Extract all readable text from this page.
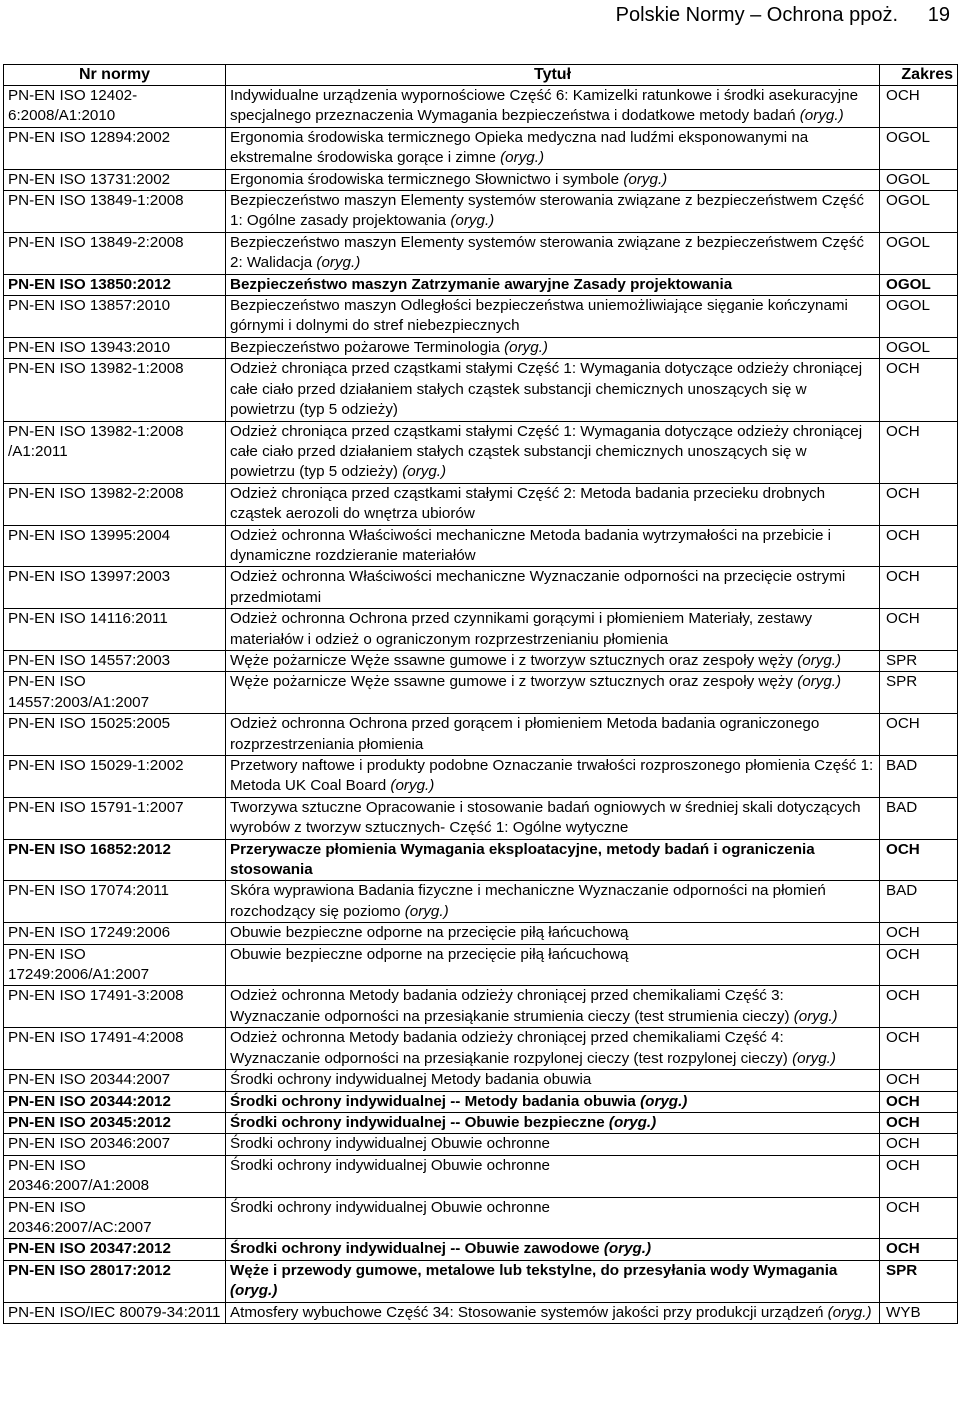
Polskie Normy – Ochrona ppoż. 19
Nr normy	Tytuł	Zakres
PN-EN ISO 12402-6:2008/A1:2010	Indywidualne urządzenia wypornościowe Część 6: Kamizelki ratunkowe i środki asekuracyjne specjalnego przeznaczenia Wymagania bezpieczeństwa i dodatkowe metody badań (oryg.)	OCH
PN-EN ISO 12894:2002	Ergonomia środowiska termicznego Opieka medyczna nad ludźmi eksponowanymi na ekstremalne środowiska gorące i zimne (oryg.)	OGOL
PN-EN ISO 13731:2002	Ergonomia środowiska termicznego Słownictwo i symbole (oryg.)	OGOL
PN-EN ISO 13849-1:2008	Bezpieczeństwo maszyn Elementy systemów sterowania związane z bezpieczeństwem Część 1: Ogólne zasady projektowania (oryg.)	OGOL
PN-EN ISO 13849-2:2008	Bezpieczeństwo maszyn Elementy systemów sterowania związane z bezpieczeństwem Część 2: Walidacja (oryg.)	OGOL
PN-EN ISO 13850:2012	Bezpieczeństwo maszyn Zatrzymanie awaryjne Zasady projektowania	OGOL
PN-EN ISO 13857:2010	Bezpieczeństwo maszyn Odległości bezpieczeństwa uniemożliwiające sięganie kończynami górnymi i dolnymi do stref niebezpiecznych	OGOL
PN-EN ISO 13943:2010	Bezpieczeństwo pożarowe Terminologia (oryg.)	OGOL
PN-EN ISO 13982-1:2008	Odzież chroniąca przed cząstkami stałymi Część 1: Wymagania dotyczące odzieży chroniącej całe ciało przed działaniem stałych cząstek substancji chemicznych unoszących się w powietrzu (typ 5 odzieży)	OCH
PN-EN ISO 13982-1:2008 /A1:2011	Odzież chroniąca przed cząstkami stałymi Część 1: Wymagania dotyczące odzieży chroniącej całe ciało przed działaniem stałych cząstek substancji chemicznych unoszących się w powietrzu (typ 5 odzieży) (oryg.)	OCH
PN-EN ISO 13982-2:2008	Odzież chroniąca przed cząstkami stałymi Część 2: Metoda badania przecieku drobnych cząstek aerozoli do wnętrza ubiorów	OCH
PN-EN ISO 13995:2004	Odzież ochronna Właściwości mechaniczne Metoda badania wytrzymałości na przebicie i dynamiczne rozdzieranie materiałów	OCH
PN-EN ISO 13997:2003	Odzież ochronna Właściwości mechaniczne Wyznaczanie odporności na przecięcie ostrymi przedmiotami	OCH
PN-EN ISO 14116:2011	Odzież ochronna Ochrona przed czynnikami gorącymi i płomieniem Materiały, zestawy materiałów i odzież o ograniczonym rozprzestrzenianiu płomienia	OCH
PN-EN ISO 14557:2003	Węże pożarnicze Węże ssawne gumowe i z tworzyw sztucznych oraz zespoły węży (oryg.)	SPR
PN-EN ISO 14557:2003/A1:2007	Węże pożarnicze Węże ssawne gumowe i z tworzyw sztucznych oraz zespoły węży (oryg.)	SPR
PN-EN ISO 15025:2005	Odzież ochronna Ochrona przed gorącem i płomieniem Metoda badania ograniczonego rozprzestrzeniania płomienia	OCH
PN-EN ISO 15029-1:2002	Przetwory naftowe i produkty podobne Oznaczanie trwałości rozproszonego płomienia Część 1: Metoda UK Coal Board (oryg.)	BAD
PN-EN ISO 15791-1:2007	Tworzywa sztuczne Opracowanie i stosowanie badań ogniowych w średniej skali dotyczących wyrobów z tworzyw sztucznych- Część 1: Ogólne wytyczne	BAD
PN-EN ISO 16852:2012	Przerywacze płomienia Wymagania eksploatacyjne, metody badań i ograniczenia stosowania	OCH
PN-EN ISO 17074:2011	Skóra wyprawiona Badania fizyczne i mechaniczne Wyznaczanie odporności na płomień rozchodzący się poziomo (oryg.)	BAD
PN-EN ISO 17249:2006	Obuwie bezpieczne odporne na przecięcie piłą łańcuchową	OCH
PN-EN ISO 17249:2006/A1:2007	Obuwie bezpieczne odporne na przecięcie piłą łańcuchową	OCH
PN-EN ISO 17491-3:2008	Odzież ochronna Metody badania odzieży chroniącej przed chemikaliami Część 3: Wyznaczanie odporności na przesiąkanie strumienia cieczy (test strumienia cieczy) (oryg.)	OCH
PN-EN ISO 17491-4:2008	Odzież ochronna Metody badania odzieży chroniącej przed chemikaliami Część 4: Wyznaczanie odporności na przesiąkanie rozpylonej cieczy (test rozpylonej cieczy) (oryg.)	OCH
PN-EN ISO 20344:2007	Środki ochrony indywidualnej Metody badania obuwia	OCH
PN-EN ISO 20344:2012	Środki ochrony indywidualnej -- Metody badania obuwia (oryg.)	OCH
PN-EN ISO 20345:2012	Środki ochrony indywidualnej -- Obuwie bezpieczne (oryg.)	OCH
PN-EN ISO 20346:2007	Środki ochrony indywidualnej Obuwie ochronne	OCH
PN-EN ISO 20346:2007/A1:2008	Środki ochrony indywidualnej Obuwie ochronne	OCH
PN-EN ISO 20346:2007/AC:2007	Środki ochrony indywidualnej Obuwie ochronne	OCH
PN-EN ISO 20347:2012	Środki ochrony indywidualnej -- Obuwie zawodowe (oryg.)	OCH
PN-EN ISO 28017:2012	Węże i przewody gumowe, metalowe lub tekstylne, do przesyłania wody Wymagania (oryg.)	SPR
PN-EN ISO/IEC 80079-34:2011	Atmosfery wybuchowe Część 34: Stosowanie systemów jakości przy produkcji urządzeń (oryg.)	WYB
